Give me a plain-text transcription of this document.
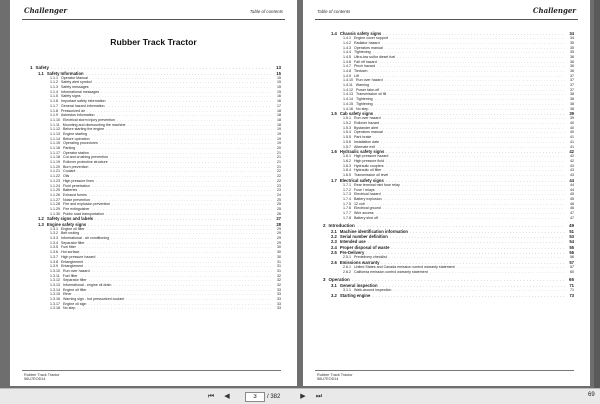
Challenger	Table of contents
Rubber Track Tractor
1 Safety . . .	13
1.1 Safety Information . . .	15
1.1.1 Operator Manual . . .	15
1.1.2 Safety alert symbol . . .	15
1.1.3 Safety messages . . .	15
1.1.4 Informational messages . . .	15
1.1.5 Safety signs . . .	16
1.1.6 Important safety information . . .	16
1.1.7 General hazard information . . .	17
1.1.8 Pressurized air . . .	18
1.1.9 Asbestos information . . .	18
1.1.10 Electrical storm injury prevention . . .	18
1.1.11 Mounting and dismounting the machine . . .	18
1.1.12 Before starting the engine . . .	19
1.1.13 Engine starting . . .	19
1.1.14 Before operation . . .	19
1.1.15 Operating procedures . . .	19
1.1.16 Parking . . .	20
1.1.17 Operator station . . .	21
1.1.18 Cut and crushing prevention . . .	21
1.1.19 Rollover protective structure . . .	21
1.1.20 Burn prevention . . .	21
1.1.21 Coolant . . .	22
1.1.22 Oils . . .	22
1.1.23 High pressure lines . . .	22
1.1.24 Fluid penetration . . .	23
1.1.25 Batteries . . .	23
1.1.26 Exhaust fumes . . .	24
1.1.27 Noise prevention . . .	25
1.1.28 Fire and explosion prevention . . .	25
1.1.29 Fire extinguisher . . .	25
1.1.30 Public road transportation . . .	26
1.2 Safety signs and labels . . .	27
1.3 Engine safety signs . . .	28
1.3.1 Engine oil filter . . .	29
1.3.2 Belt routing . . .	29
1.3.3 Informational - air conditioning . . .	29
1.3.4 Separator filter . . .	29
1.3.5 Fuel filter . . .	30
1.3.6 Hot surface . . .	30
1.3.7 High pressure hazard . . .	30
1.3.8 Entanglement . . .	31
1.3.9 Entanglement . . .	31
1.3.10 Run over hazard . . .	31
1.3.11 Fuel filter . . .	32
1.3.12 Separator filter . . .	32
1.3.13 Informational - engine oil drain . . .	32
1.3.14 Engine oil filter . . .	33
1.3.15 Ether . . .	33
1.3.16 Warning sign - hot pressurized coolant . . .	33
1.3.17 Engine oil sign . . .	33
1.3.18 No step . . .	33
Rubber Track Tractor
56U7EOD14
Table of contents	Challenger
1.4 Chassis safety signs . . .	34
1.4.1 Engine cover support . . .	34
1.4.2 Radiator hazard . . .	35
1.4.3 Operators manual . . .	35
1.4.4 Tightening . . .	35
1.4.5 Ultra-low sulfur diesel fuel . . .	36
1.4.6 Fall off hazard . . .	36
1.4.7 Pinch hazard . . .	36
1.4.8 Tiedown . . .	36
1.4.9 Lift . . .	37
1.4.10 Run over hazard . . .	37
1.4.11 Warning . . .	37
1.4.12 Power take-off . . .	37
1.4.13 Transmission oil fill . . .	38
1.4.14 Tightening . . .	38
1.4.15 Tightening . . .	38
1.4.16 No step . . .	38
1.5 Cab safety signs . . .	39
1.5.1 Run over hazard . . .	39
1.5.2 Rollover hazard . . .	40
1.5.3 Bystander alert . . .	40
1.5.4 Operators manual . . .	40
1.5.5 Park brake . . .	41
1.5.6 Installation date . . .	41
1.5.7 Alternate exit . . .	41
1.6 Hydraulic safety signs . . .	42
1.6.1 High pressure hazard . . .	42
1.6.2 High pressure fluid . . .	42
1.6.3 Hydraulic couplers . . .	43
1.6.4 Hydraulic oil filter . . .	43
1.6.5 Transmission oil level . . .	43
1.7 Electrical safety signs . . .	44
1.7.1 Rear terminal mini fuse relay . . .	44
1.7.2 Fuse / relays . . .	44
1.7.3 Electrical hazard . . .	45
1.7.4 Battery explosion . . .	45
1.7.5 12 volt . . .	46
1.7.6 Electrical ground . . .	46
1.7.7 Wire access . . .	47
1.7.8 Battery shut off . . .	47
2 Introduction . . .	49
2.1 Machine identification information . . .	51
2.2 Serial number definition . . .	53
2.3 Intended use . . .	54
2.4 Proper disposal of waste . . .	55
2.5 Pre-Delivery . . .	56
2.5.1 Predelivery checklist . . .	56
2.6 Emissions warranty . . .	57
2.6.1 United States and Canada emission control warranty statement . . .	57
2.6.2 California emission control warranty statement . . .	60
3 Operation . . .	65
3.1 General inspection . . .	71
3.1.1 Walk-around inspection . . .	71
3.2 Starting engine . . .	73
Rubber Track Tractor
56U7EOD14
⏮	◀
3	/ 382	▶	⏭	69
